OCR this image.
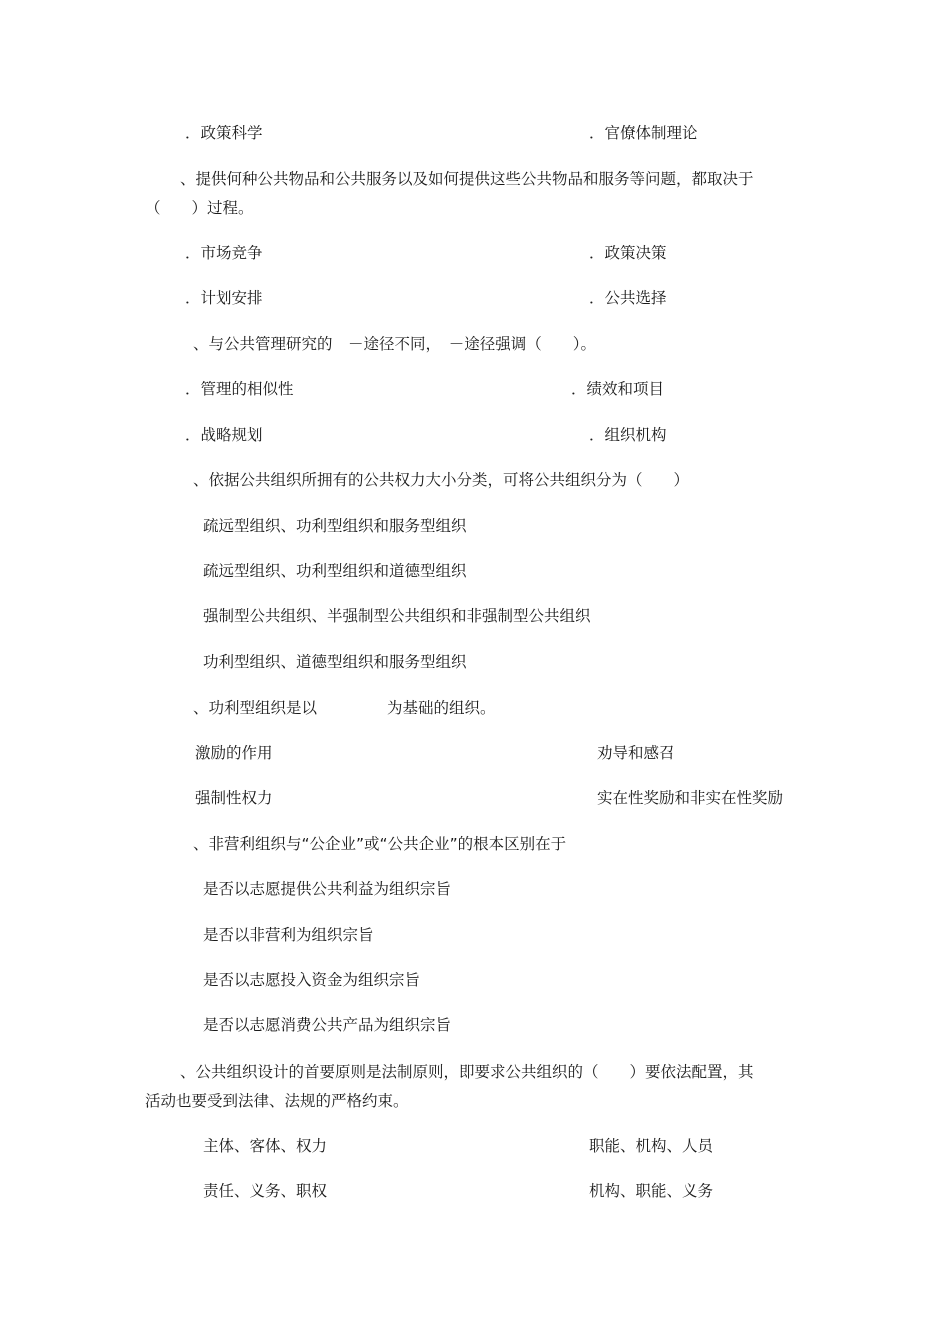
．政策科学	．官僚体制理论
、提供何种公共物品和公共服务以及如何提供这些公共物品和服务等问题，都取决于
（　　）过程。
．市场竞争	．政策决策
．计划安排	．公共选择
、与公共管理研究的　－途径不同，　－途径强调（　　）。
．管理的相似性	．绩效和项目
．战略规划	．组织机构
、依据公共组织所拥有的公共权力大小分类，可将公共组织分为（　　）
疏远型组织、功利型组织和服务型组织
疏远型组织、功利型组织和道德型组织
强制型公共组织、半强制型公共组织和非强制型公共组织
功利型组织、道德型组织和服务型组织
、功利型组织是以	为基础的组织。
激励的作用	劝导和感召
强制性权力	实在性奖励和非实在性奖励
、非营利组织与“公企业”或“公共企业”的根本区别在于
是否以志愿提供公共利益为组织宗旨
是否以非营利为组织宗旨
是否以志愿投入资金为组织宗旨
是否以志愿消费公共产品为组织宗旨
、公共组织设计的首要原则是法制原则，即要求公共组织的（　　）要依法配置，其
活动也要受到法律、法规的严格约束。
主体、客体、权力	职能、机构、人员
责任、义务、职权	机构、职能、义务
